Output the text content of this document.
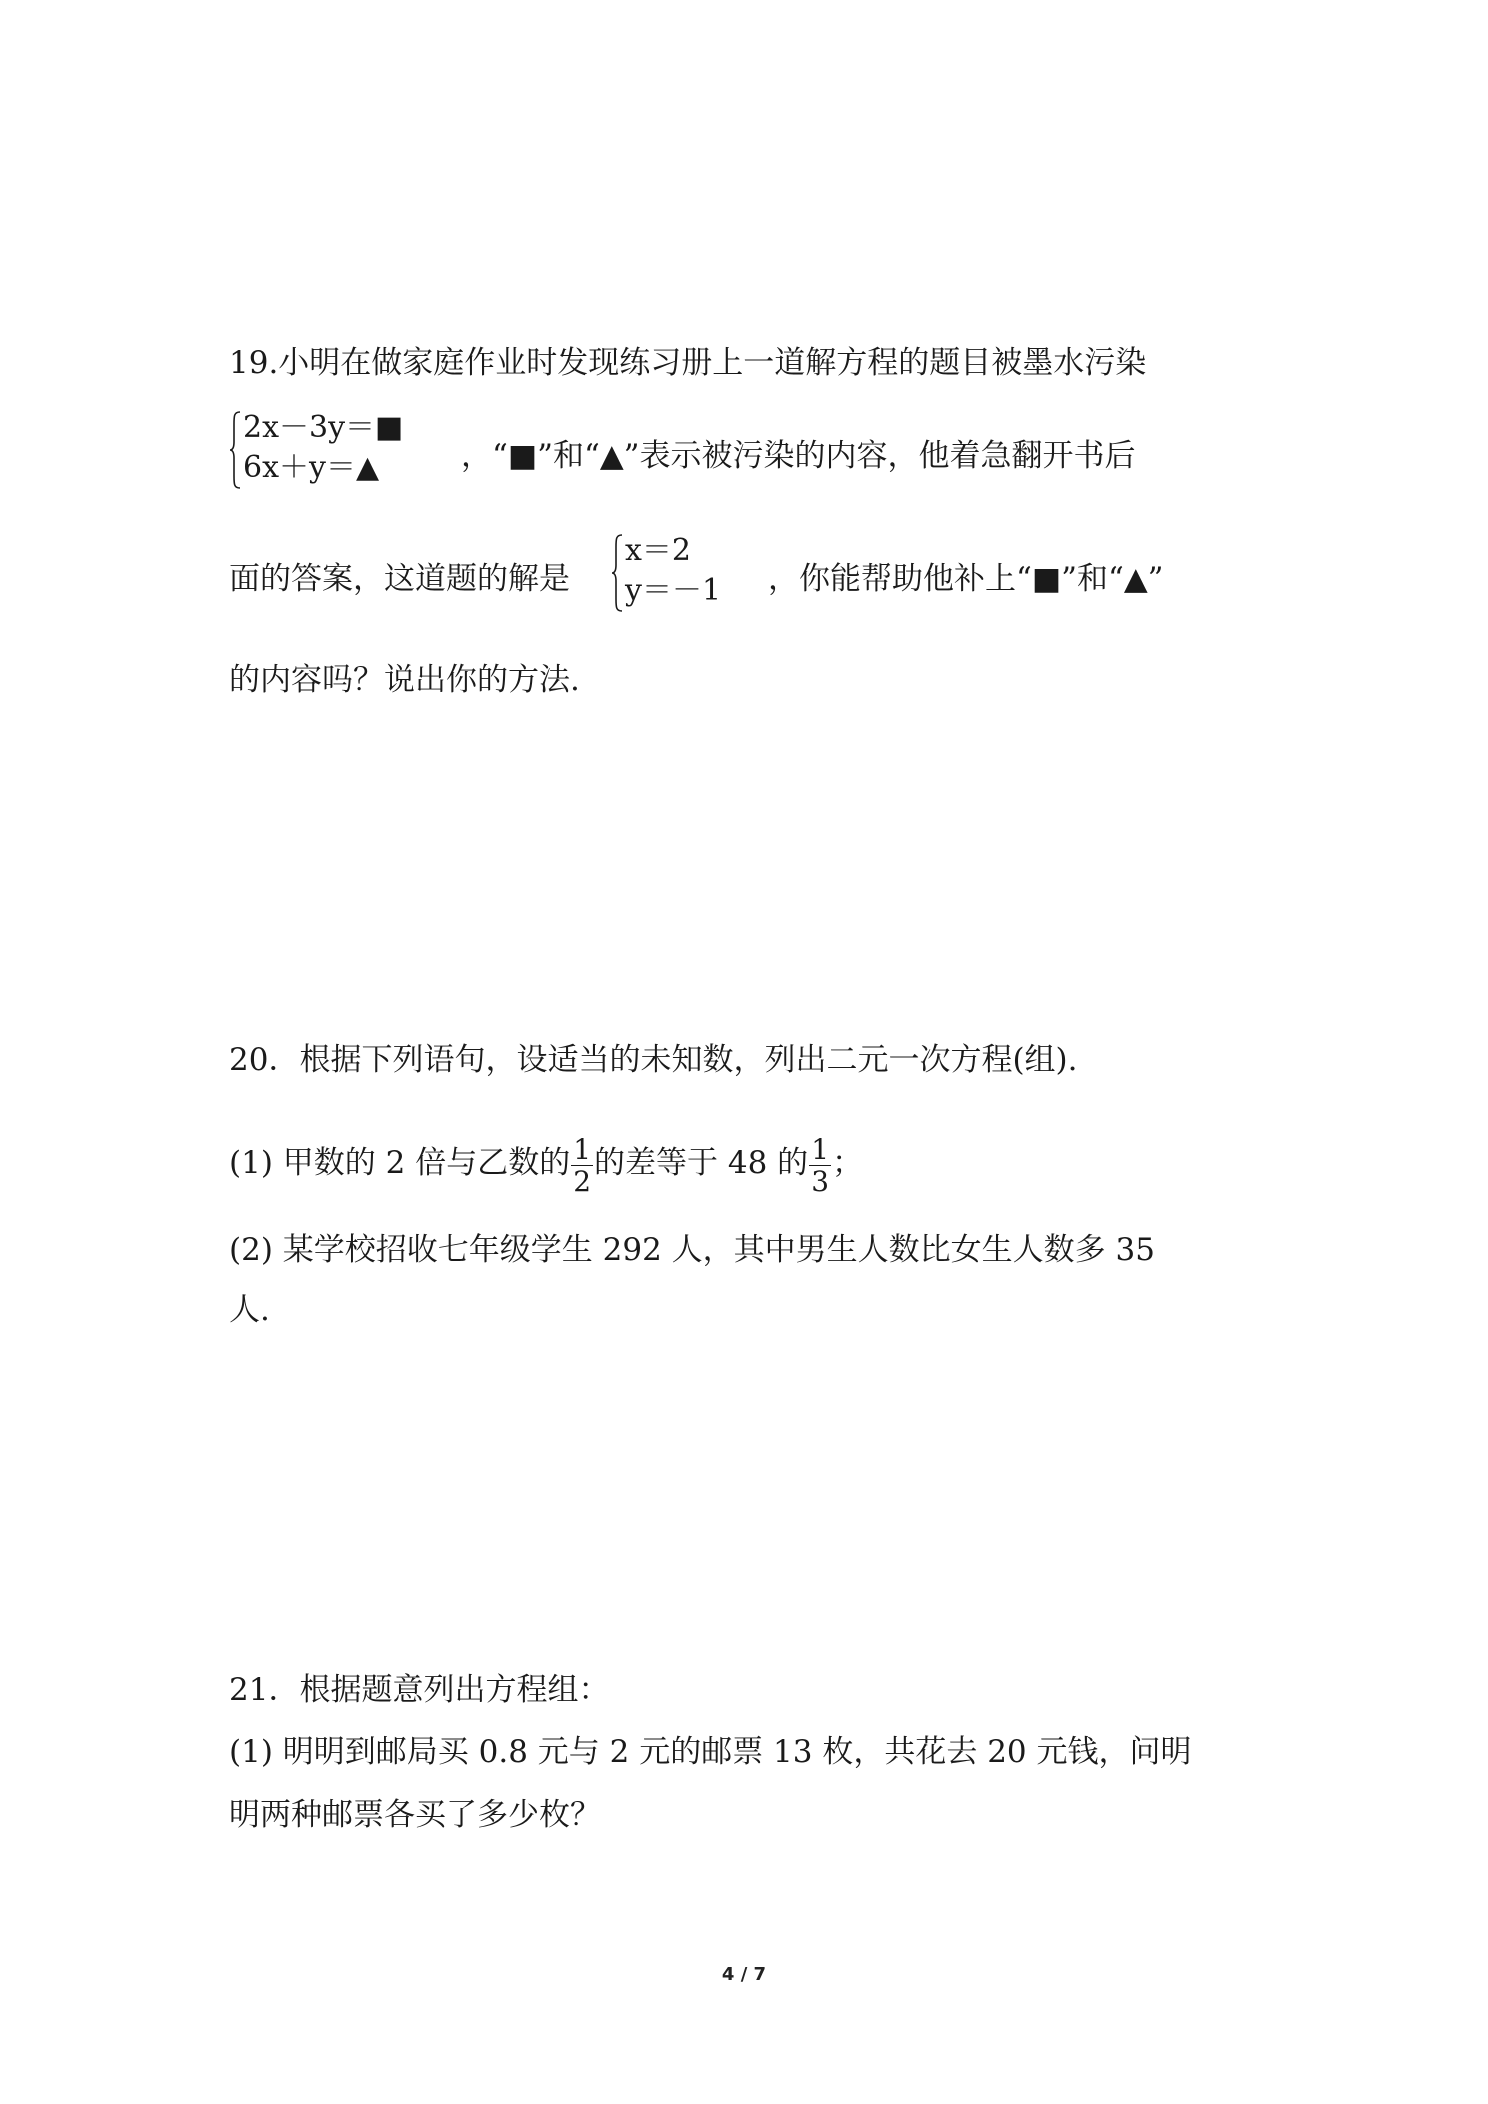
19.小明在做家庭作业时发现练习册上一道解方程的题目被墨水污染
2x－3y＝■
6x＋y＝▲	，“■”和“▲”表示被污染的内容，他着急翻开书后
面的答案，这道题的解是
x＝2
y＝－1 ，你能帮助他补上“■”和“▲”
的内容吗？说出你的方法.
20．根据下列语句，设适当的未知数，列出二元一次方程(组).
(1) 甲数的 2 倍与乙数的 $\frac{1}{2}$ 的差等于 48 的 $\frac{1}{3}$ ；
(2) 某学校招收七年级学生 292 人，其中男生人数比女生人数多 35
人.
21．根据题意列出方程组：
(1) 明明到邮局买 0.8 元与 2 元的邮票 13 枚，共花去 20 元钱，问明
明两种邮票各买了多少枚？
4 / 7
